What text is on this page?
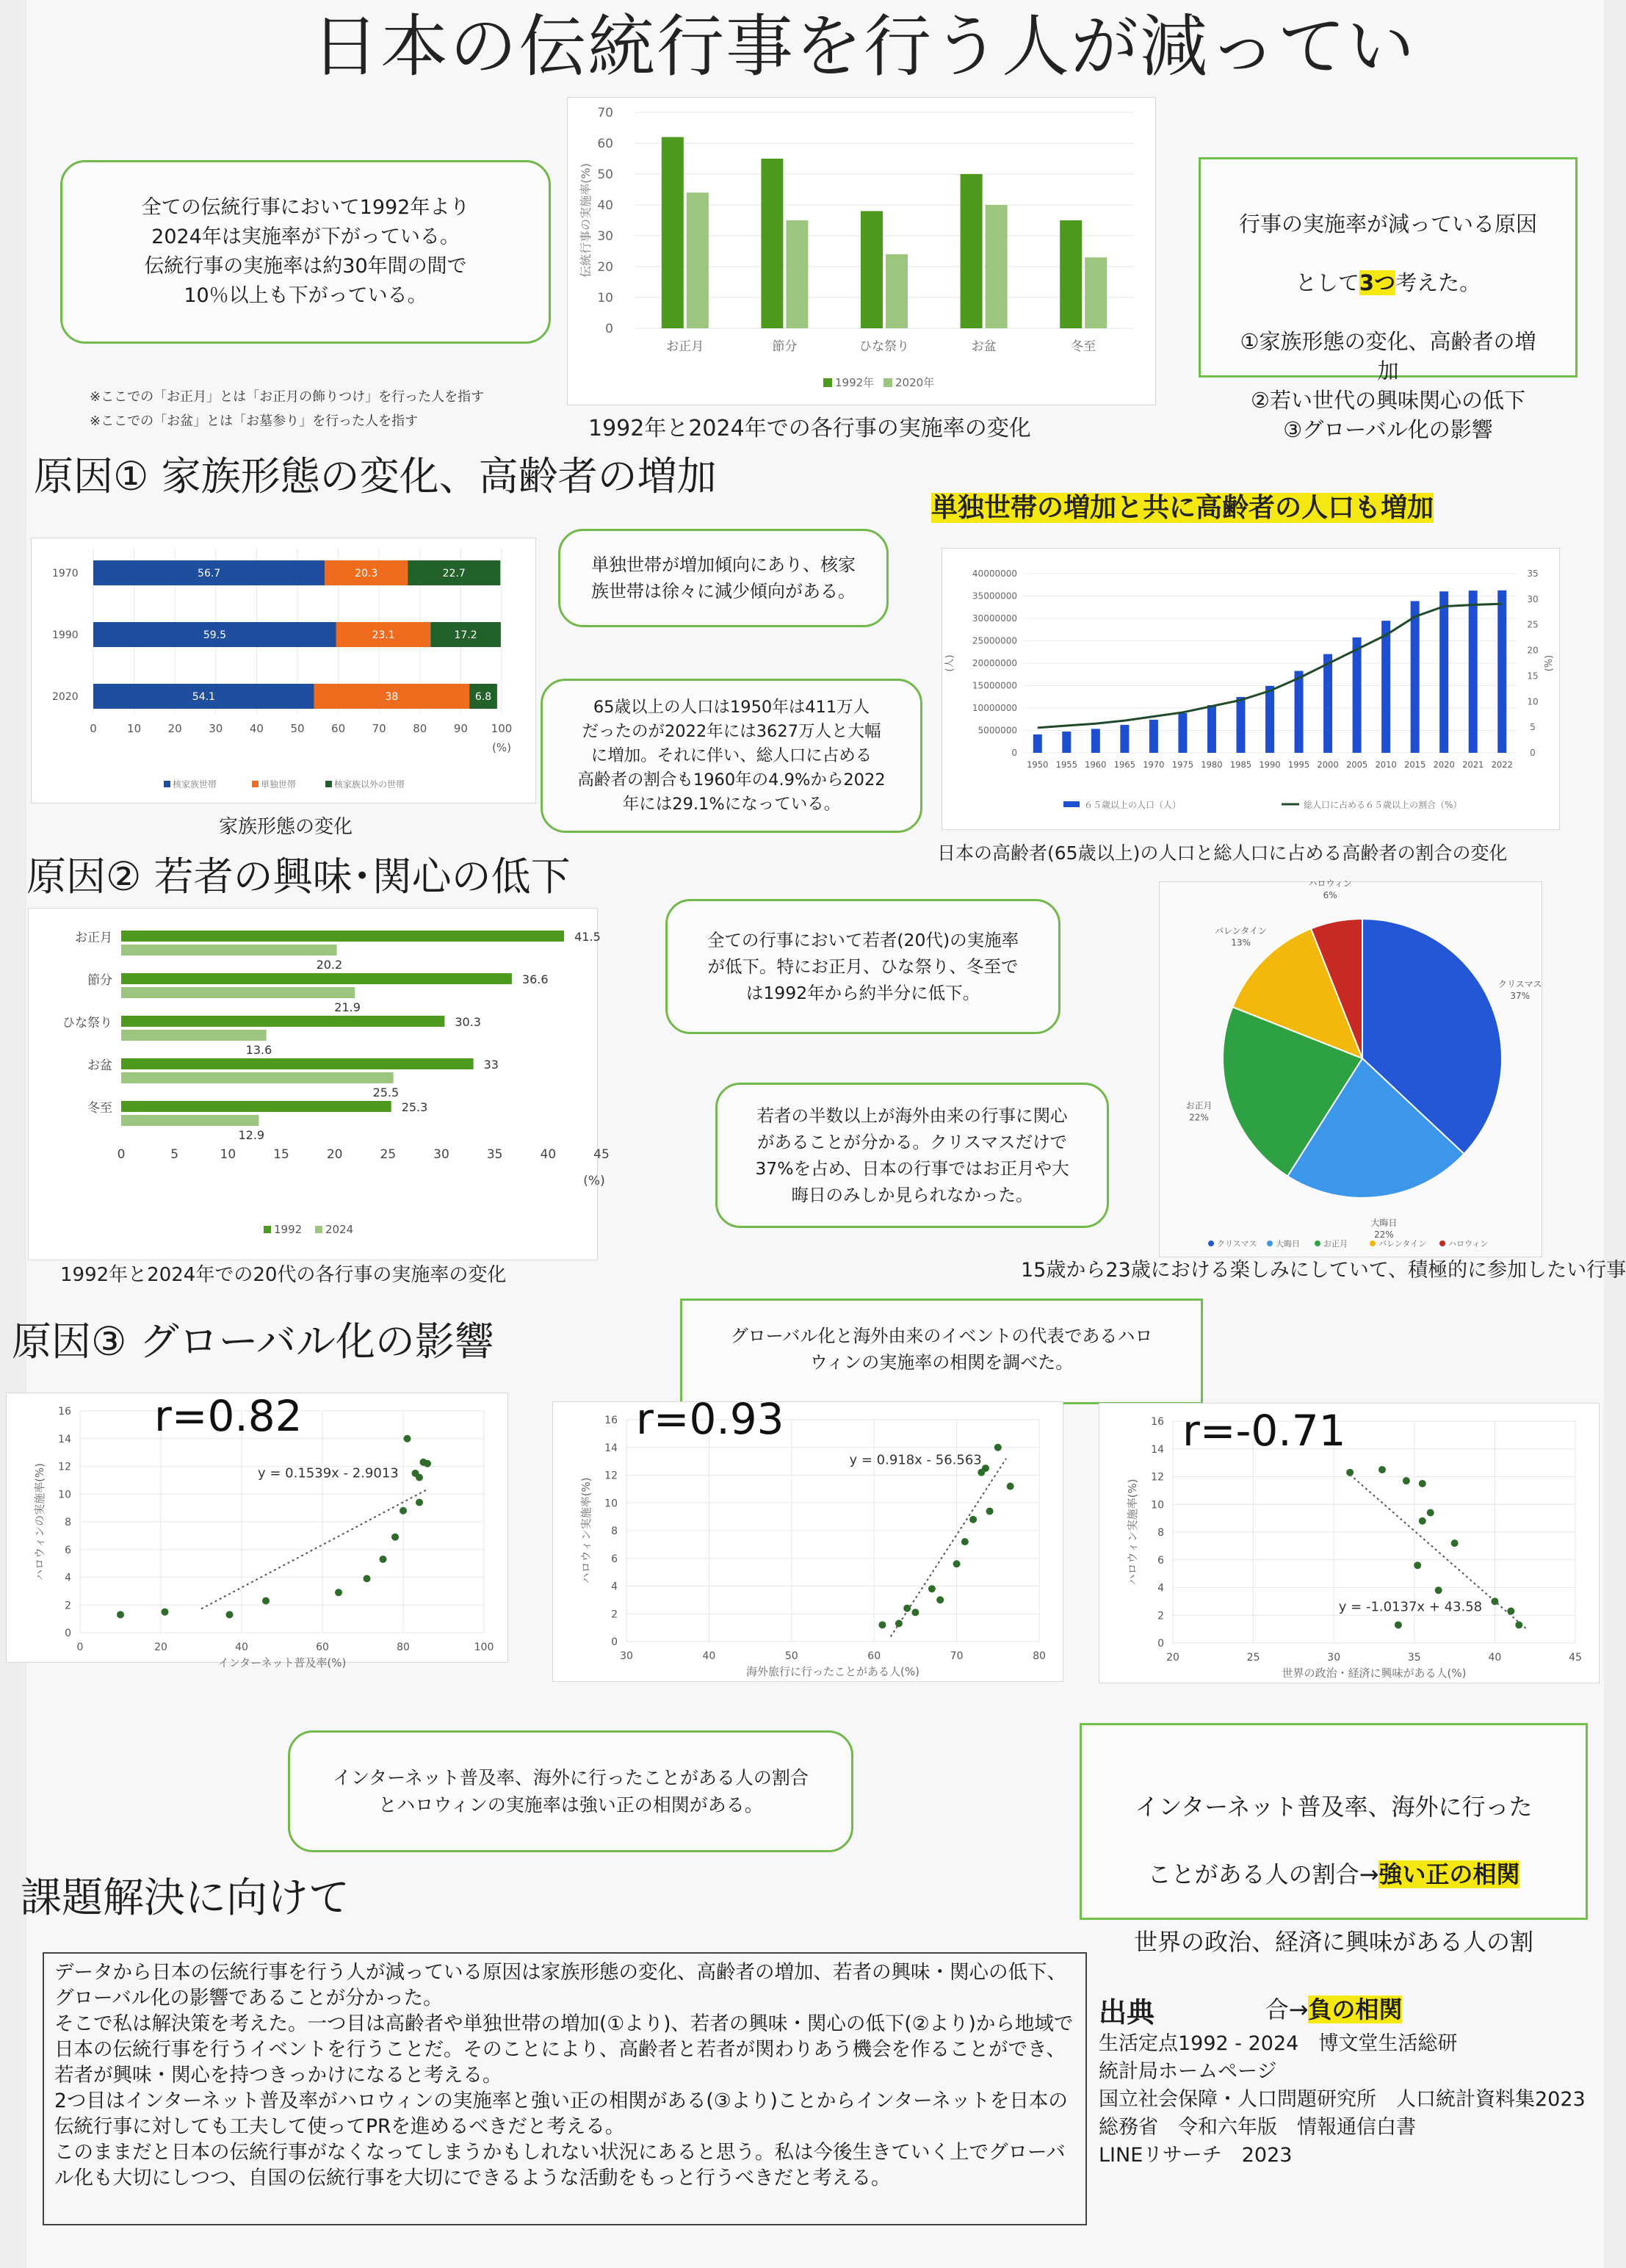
日本の伝統行事を行う人が減ってい
全ての伝統行事において1992年より
2024年は実施率が下がっている。
伝統行事の実施率は約30年間の間で
10％以上も下がっている。
※ここでの「お正月」とは「お正月の飾りつけ」を行った人を指す
※ここでの「お盆」とは「お墓参り」を行った人を指す
0
10
20
30
40
50
60
70
伝統行事の実施率(%)
お正月	節分	ひな祭り	お盆	冬至
1992年 2020年
1992年と2024年での各行事の実施率の変化

行事の実施率が減っている原因

として3つ考えた。

①家族形態の変化、高齢者の増
加
②若い世代の興味関心の低下
③グローバル化の影響

原因① 家族形態の変化、高齢者の増加
単独世帯の増加と共に高齢者の人口も増加
0	10 20 30 40 50 60 70 80 90 100
(%)
1970	56.7	20.3	22.7
1990	59.5	23.1	17.2
2020	54.1	38	6.8
核家族世帯	単独世帯	核家族以外の世帯
家族形態の変化
単独世帯が増加傾向にあり、核家
族世帯は徐々に減少傾向がある。
65歳以上の人口は1950年は411万人
だったのが2022年には3627万人と大幅
に増加。それに伴い、総人口に占める
高齢者の割合も1960年の4.9%から2022
年には29.1%になっている。
0
5000000
10000000
15000000
20000000
25000000
30000000
35000000
40000000
0
5
10
15
20
25
30
35
(人)	(%)
1950 1955 1960 1965 1970 1975 1980 1985 1990 1995 2000 2005 2010 2015 2020 2021 2022
６５歳以上の人口（人）	総人口に占める６５歳以上の割合（%）
日本の高齢者(65歳以上)の人口と総人口に占める高齢者の割合の変化
原因② 若者の興味･関心の低下
0	5	10	15	20	25	30	35	40	45
(%)
お正月	41.5
20.2
節分	36.6
21.9
ひな祭り	30.3
13.6
お盆	33
25.5
冬至	25.3
12.9
1992 2024
1992年と2024年での20代の各行事の実施率の変化
全ての行事において若者(20代)の実施率
が低下。特にお正月、ひな祭り、冬至で
は1992年から約半分に低下。
若者の半数以上が海外由来の行事に関心
があることが分かる。クリスマスだけで
37%を占め、日本の行事ではお正月や大
晦日のみしか見られなかった。
クリスマス
37%
大晦日
22%
お正月
22%
バレンタイン
13%
ハロウィン
6%
クリスマス 大晦日	お正月	バレンタイン	ハロウィン
15歳から23歳における楽しみにしていて、積極的に参加したい行事
原因③ グローバル化の影響	グローバル化と海外由来のイベントの代表であるハロ
ウィンの実施率の相関を調べた。
0
2
4
6
8
10
12
14
16
0	20	40	60	80	100
インターネット普及率(%)
ハロウィンの実施率(%)	y = 0.1539x - 2.9013
r=0.82
0
2
4
6
8
10
12
14
16
30	40	50	60	70	80
海外旅行に行ったことがある人(%)
ハロウィン実施率(%)
y = 0.918x - 56.563
r=0.93
0
2
4
6
8
10
12
14
16
20	25	30	35	40	45
世界の政治・経済に興味がある人(%)
ハロウィン実施率(%)
y = -1.0137x + 43.58
r=-0.71
インターネット普及率、海外に行ったことがある人の割合
とハロウィンの実施率は強い正の相関がある。	インターネット普及率、海外に行った

ことがある人の割合→強い正の相関

世界の政治、経済に興味がある人の割

合→負の相関

課題解決に向けて

データから日本の伝統行事を行う人が減っている原因は家族形態の変化、高齢者の増加、若者の興味・関心の低下、グローバル化の影響であることが分かった。

そこで私は解決策を考えた。一つ目は高齢者や単独世帯の増加(①より)、若者の興味・関心の低下(②より)から地域で日本の伝統行事を行うイベントを行うことだ。そのことにより、高齢者と若者が関わりあう機会を作ることができ、若者が興味・関心を持つきっかけになると考える。

2つ目はインターネット普及率がハロウィンの実施率と強い正の相関がある(③より)ことからインターネットを日本の伝統行事に対しても工夫して使ってPRを進めるべきだと考える。

このままだと日本の伝統行事がなくなってしまうかもしれない状況にあると思う。私は今後生きていく上でグローバル化も大切にしつつ、自国の伝統行事を大切にできるような活動をもっと行うべきだと考える。

出典

生活定点1992 - 2024　博文堂生活総研

統計局ホームページ

国立社会保障・人口問題研究所　人口統計資料集2023

総務省　令和六年版　情報通信白書

LINEリサーチ　2023
